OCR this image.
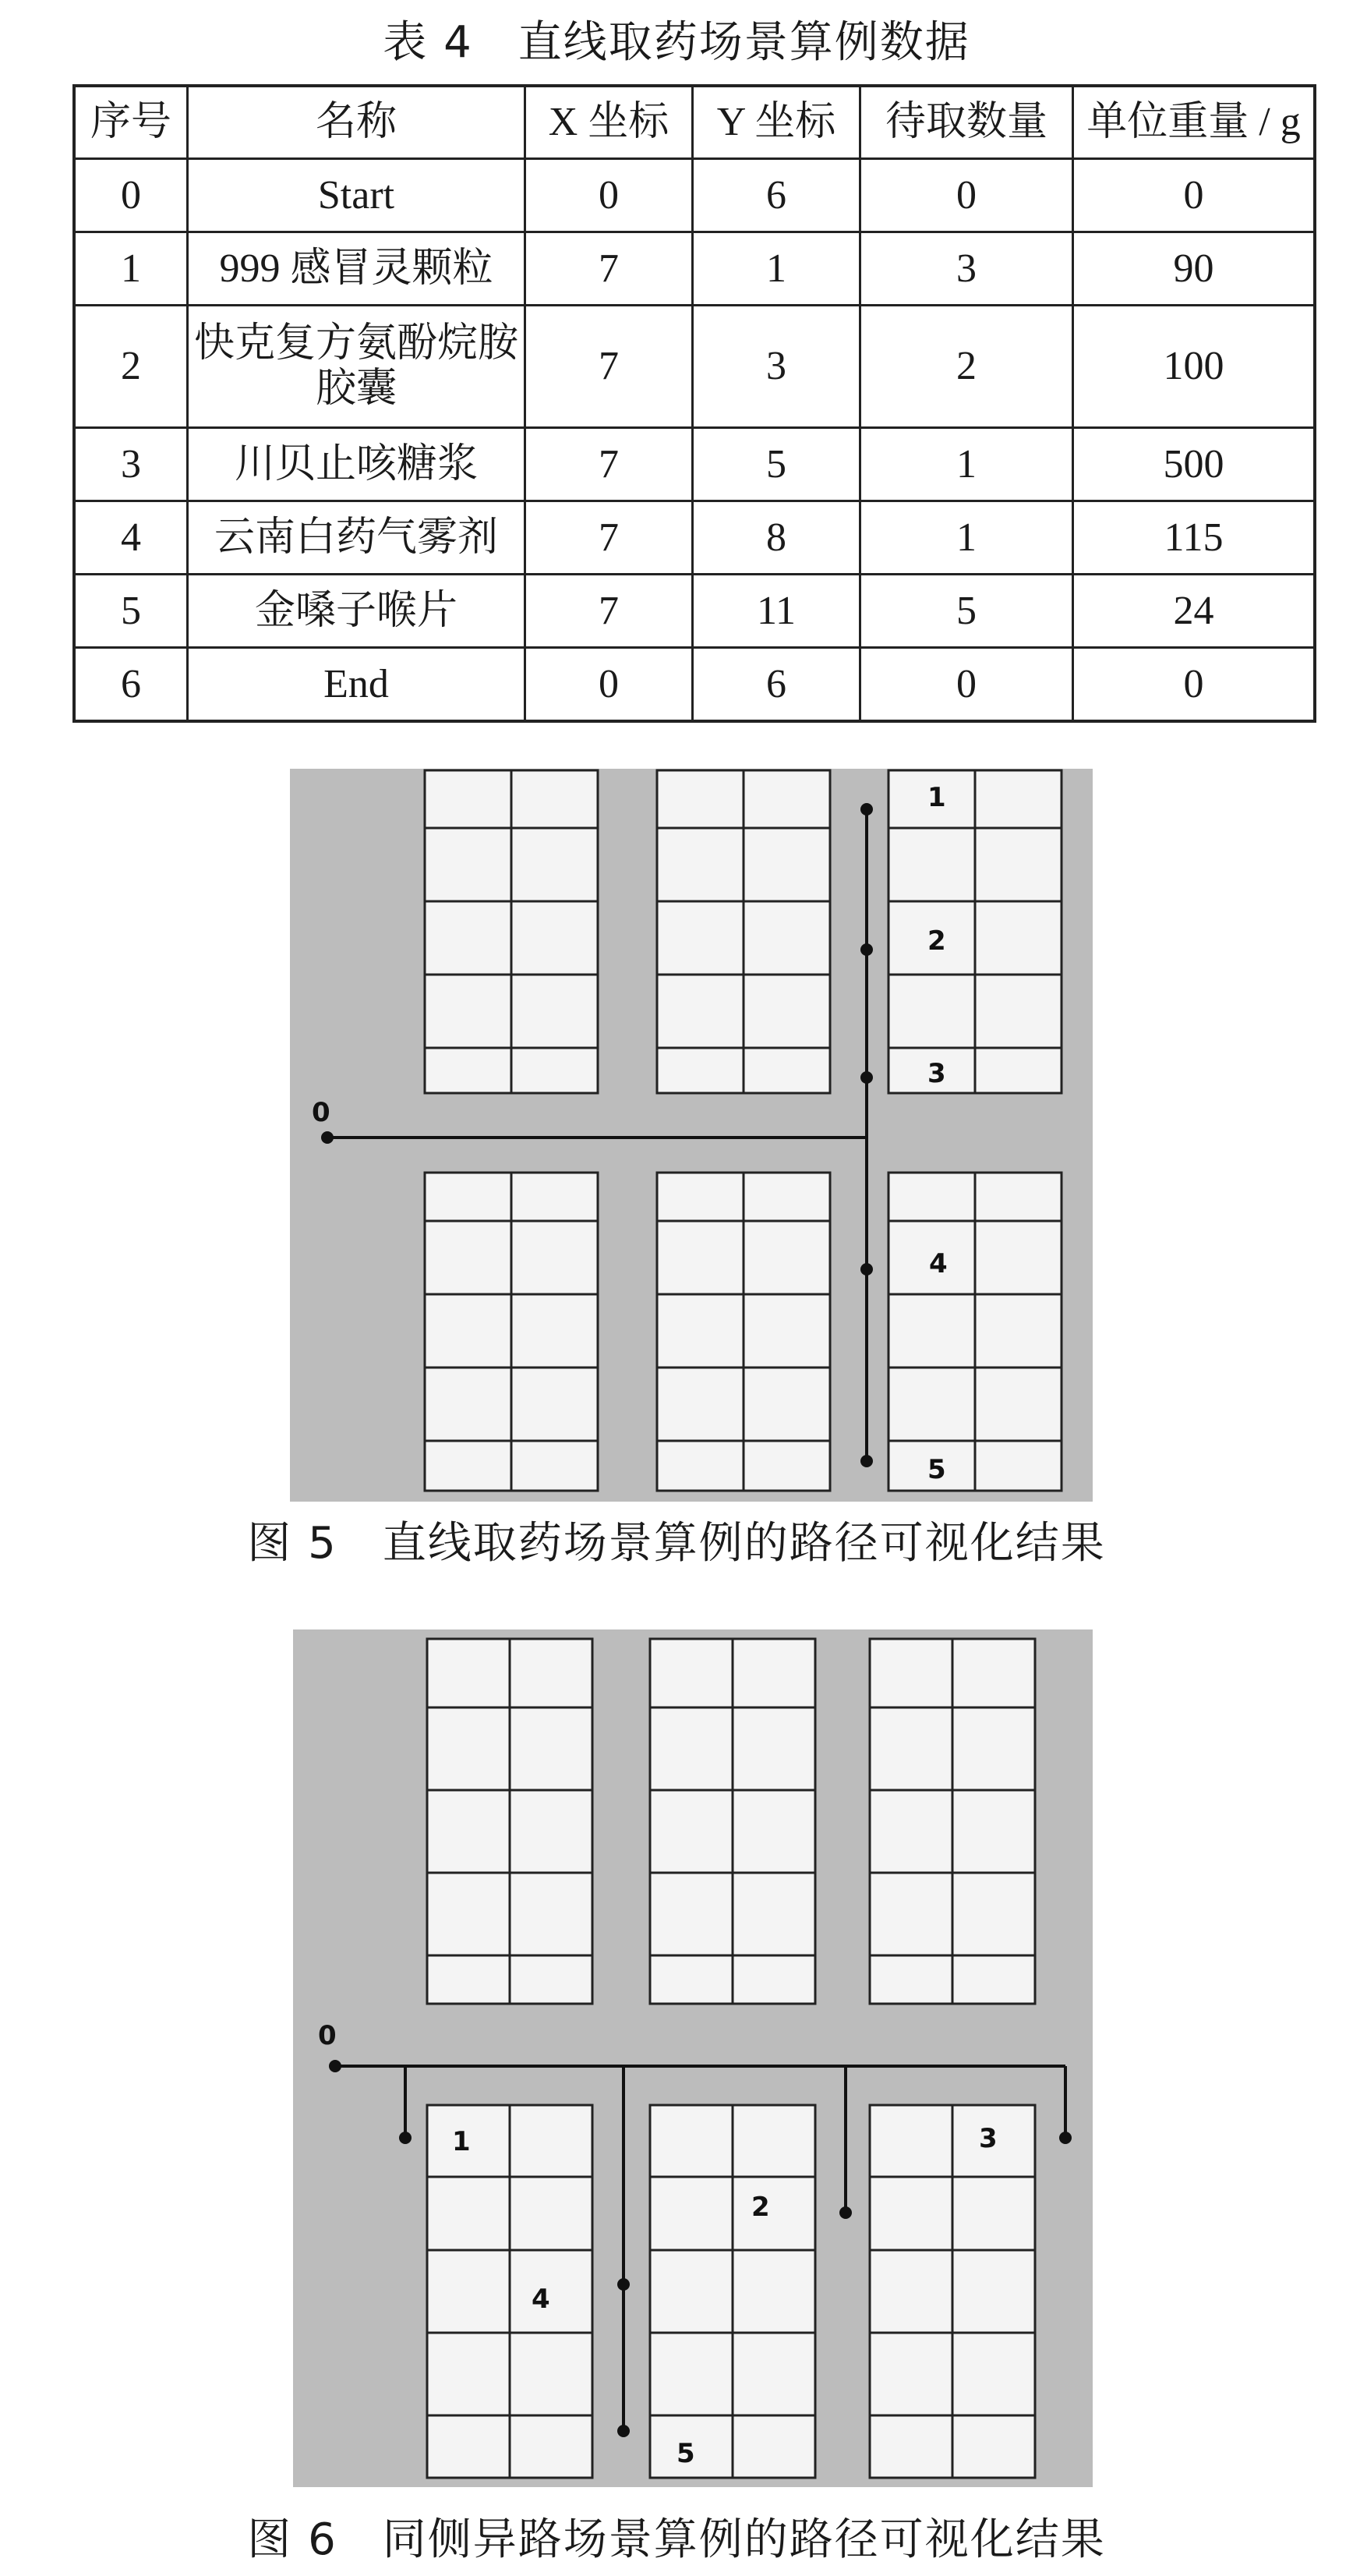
表 4　直线取药场景算例数据
序号	名称	X 坐标	Y 坐标	待取数量	单位重量 / g
0	Start	0	6	0	0
1	999 感冒灵颗粒	7	1	3	90
2	快克复方氨酚烷胺胶囊	7	3	2	100
3	川贝止咳糖浆	7	5	1	500
4	云南白药气雾剂	7	8	1	115
5	金嗓子喉片	7	11	5	24
6	End	0	6	0	0
0
1
2
3
4
5
图 5　直线取药场景算例的路径可视化结果
0
1
2
3
4
5
图 6　同侧异路场景算例的路径可视化结果
